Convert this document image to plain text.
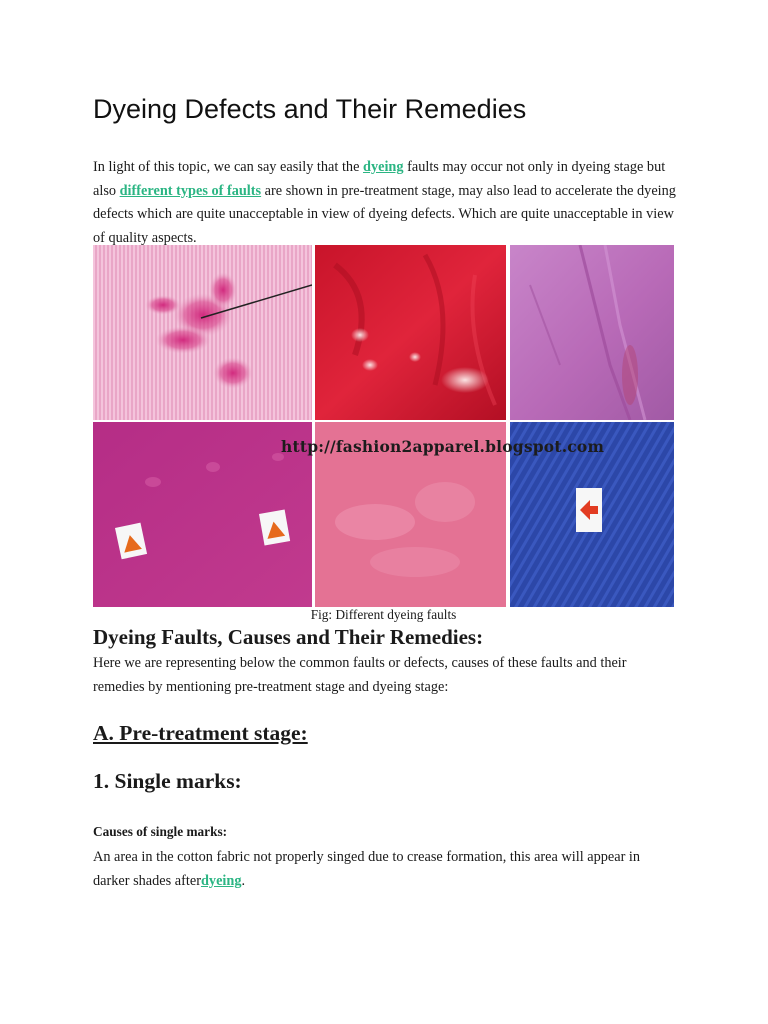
Dyeing Defects and Their Remedies

In light of this topic, we can say easily that the dyeing faults may occur not only in dyeing stage but also different types of faults are shown in pre-treatment stage, may also lead to accelerate the dyeing defects which are quite unacceptable in view of dyeing defects. Which are quite unacceptable in view of quality aspects.

http://fashion2apparel.blogspot.com

Fig: Different dyeing faults

Dyeing Faults, Causes and Their Remedies:

Here we are representing below the common faults or defects, causes of these faults and their remedies by mentioning pre-treatment stage and dyeing stage:

A. Pre-treatment stage:
1. Single marks:

Causes of single marks:

An area in the cotton fabric not properly singed due to crease formation, this area will appear in darker shades afterdyeing.
